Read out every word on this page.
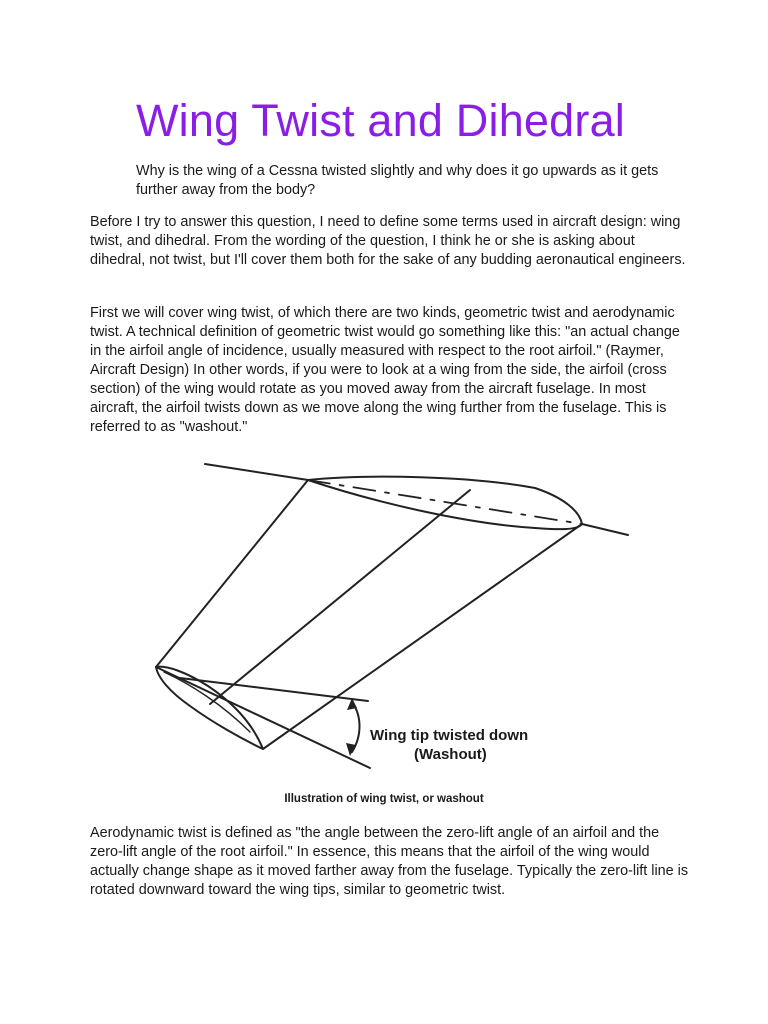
Wing Twist and Dihedral

Why is the wing of a Cessna twisted slightly and why does it go upwards as it gets further away from the body?

Before I try to answer this question, I need to define some terms used in aircraft design: wing twist, and dihedral. From the wording of the question, I think he or she is asking about dihedral, not twist, but I'll cover them both for the sake of any budding aeronautical engineers.

First we will cover wing twist, of which there are two kinds, geometric twist and aerodynamic twist. A technical definition of geometric twist would go something like this: "an actual change in the airfoil angle of incidence, usually measured with respect to the root airfoil." (Raymer, Aircraft Design) In other words, if you were to look at a wing from the side, the airfoil (cross section) of the wing would rotate as you moved away from the aircraft fuselage. In most aircraft, the airfoil twists down as we move along the wing further from the fuselage. This is referred to as "washout."

Wing tip twisted down
(Washout)

Illustration of wing twist, or washout

Aerodynamic twist is defined as "the angle between the zero-lift angle of an airfoil and the zero-lift angle of the root airfoil." In essence, this means that the airfoil of the wing would actually change shape as it moved farther away from the fuselage. Typically the zero-lift line is rotated downward toward the wing tips, similar to geometric twist.
